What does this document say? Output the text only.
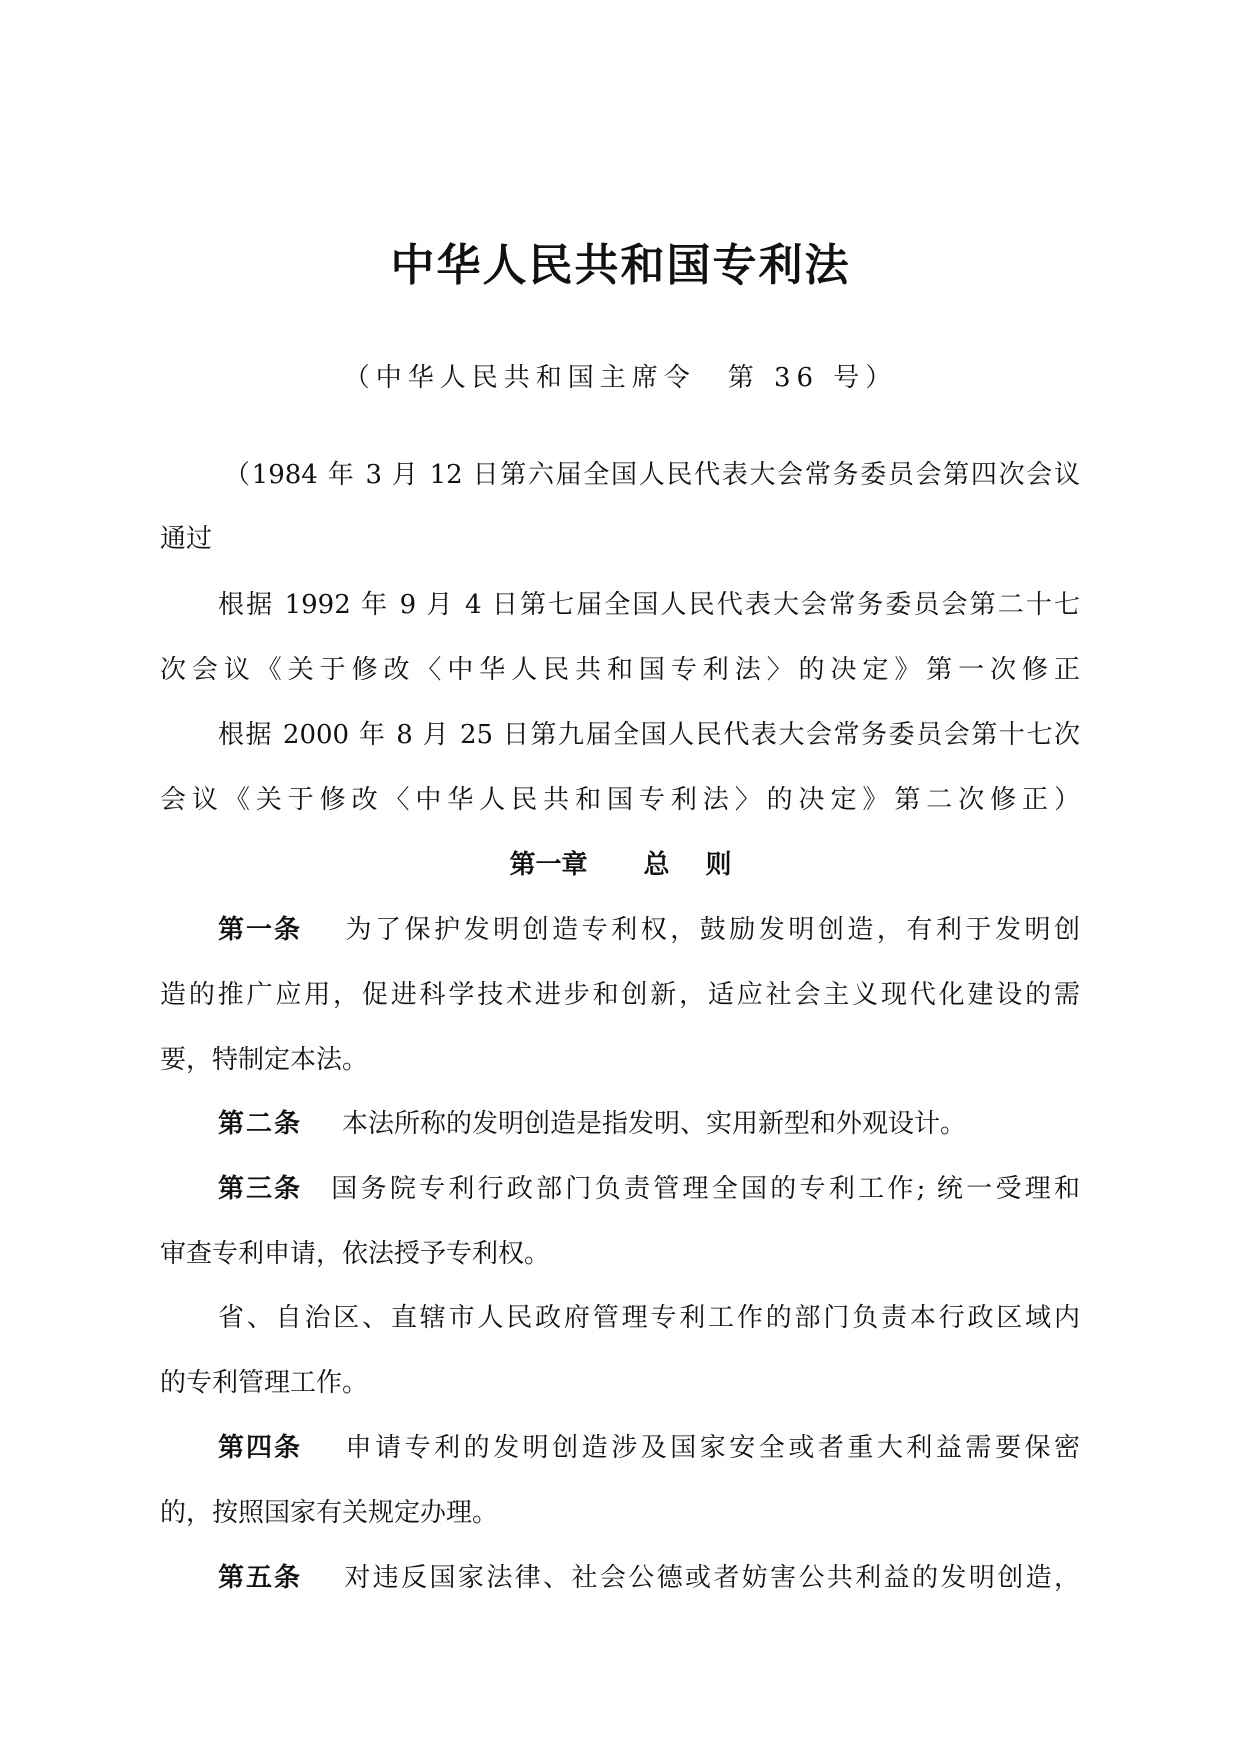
中华人民共和国专利法
（中华人民共和国主席令　第 36 号）
（1984 年 3 月 12 日第六届全国人民代表大会常务委员会第四次会议
通过
根据 1992 年 9 月 4 日第七届全国人民代表大会常务委员会第二十七
次会议《关于修改〈中华人民共和国专利法〉的决定》第一次修正
根据 2000 年 8 月 25 日第九届全国人民代表大会常务委员会第十七次
会议《关于修改〈中华人民共和国专利法〉的决定》第二次修正）
第一章 总 则
第一条 为了保护发明创造专利权，鼓励发明创造，有利于发明创
造的推广应用，促进科学技术进步和创新，适应社会主义现代化建设的需
要，特制定本法。
第二条 本法所称的发明创造是指发明、实用新型和外观设计。
第三条 国务院专利行政部门负责管理全国的专利工作; 统一受理和
审查专利申请，依法授予专利权。
省、自治区、直辖市人民政府管理专利工作的部门负责本行政区域内
的专利管理工作。
第四条 申请专利的发明创造涉及国家安全或者重大利益需要保密
的，按照国家有关规定办理。
第五条 对违反国家法律、社会公德或者妨害公共利益的发明创造，
